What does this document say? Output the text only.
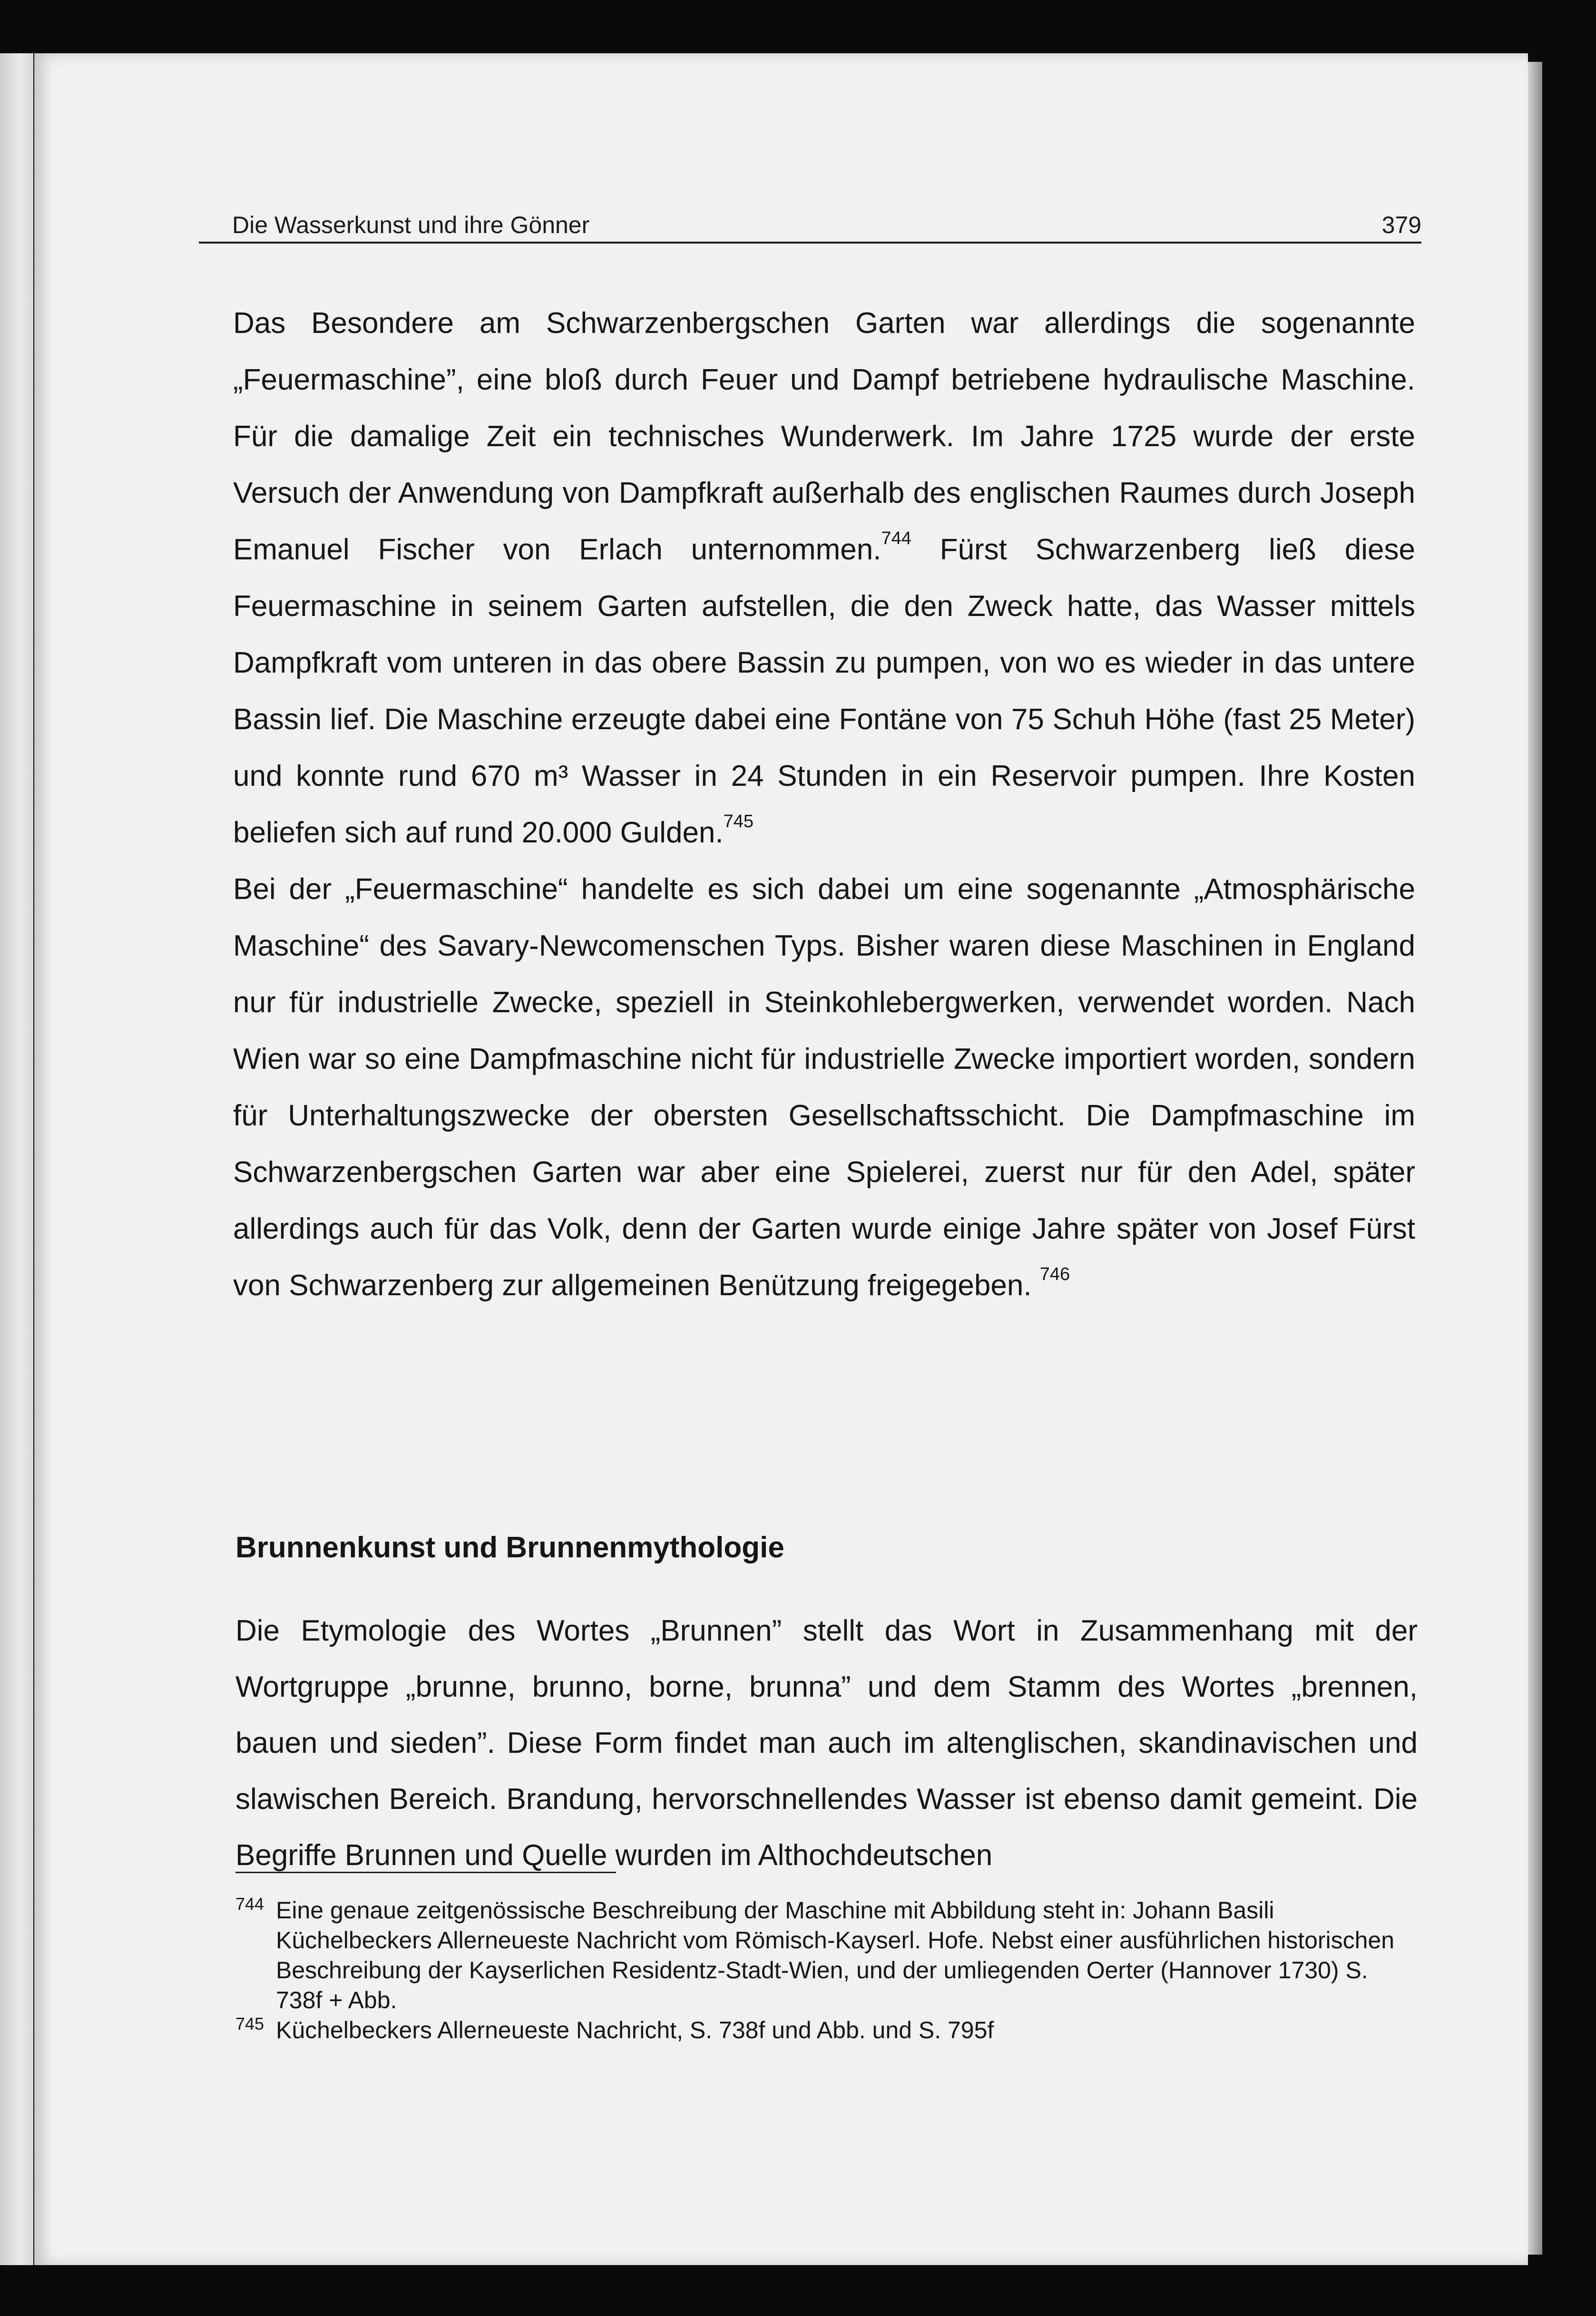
Die Wasserkunst und ihre Gönner	379

Das Besondere am Schwarzenbergschen Garten war allerdings die sogenannte „Feuermaschine”, eine bloß durch Feuer und Dampf betriebene hydraulische Maschine. Für die damalige Zeit ein technisches Wunderwerk. Im Jahre 1725 wurde der erste Versuch der Anwendung von Dampfkraft außerhalb des englischen Raumes durch Joseph Emanuel Fischer von Erlach unternommen.$^{744}$ Fürst Schwarzenberg ließ diese Feuermaschine in seinem Garten aufstellen, die den Zweck hatte, das Wasser mittels Dampfkraft vom unteren in das obere Bassin zu pumpen, von wo es wieder in das untere Bassin lief. Die Maschine erzeugte dabei eine Fontäne von 75 Schuh Höhe (fast 25 Meter) und konnte rund 670 m³ Wasser in 24 Stunden in ein Reservoir pumpen. Ihre Kosten beliefen sich auf rund 20.000 Gulden.$^{745}$

Bei der „Feuermaschine“ handelte es sich dabei um eine sogenannte „Atmosphärische Maschine“ des Savary-Newcomenschen Typs. Bisher waren diese Maschinen in England nur für industrielle Zwecke, speziell in Steinkohlebergwerken, verwendet worden. Nach Wien war so eine Dampfmaschine nicht für industrielle Zwecke importiert worden, sondern für Unterhaltungszwecke der obersten Gesellschaftsschicht. Die Dampfmaschine im Schwarzenbergschen Garten war aber eine Spielerei, zuerst nur für den Adel, später allerdings auch für das Volk, denn der Garten wurde einige Jahre später von Josef Fürst von Schwarzenberg zur allgemeinen Benützung freigegeben. $^{746}$

Brunnenkunst und Brunnenmythologie

Die Etymologie des Wortes „Brunnen” stellt das Wort in Zusammenhang mit der Wortgruppe „brunne, brunno, borne, brunna” und dem Stamm des Wortes „brennen, bauen und sieden”. Diese Form findet man auch im altenglischen, skandinavischen und slawischen Bereich. Brandung, hervorschnellendes Wasser ist ebenso damit gemeint. Die Begriffe Brunnen und Quelle wurden im Althochdeutschen

744 Eine genaue zeitgenössische Beschreibung der Maschine mit Abbildung steht in: Johann Basili Küchelbeckers Allerneueste Nachricht vom Römisch-Kayserl. Hofe. Nebst einer ausführlichen historischen Beschreibung der Kayserlichen Residentz-Stadt-Wien, und der umliegenden Oerter (Hannover 1730) S. 738f + Abb.
745 Küchelbeckers Allerneueste Nachricht, S. 738f und Abb. und S. 795f
